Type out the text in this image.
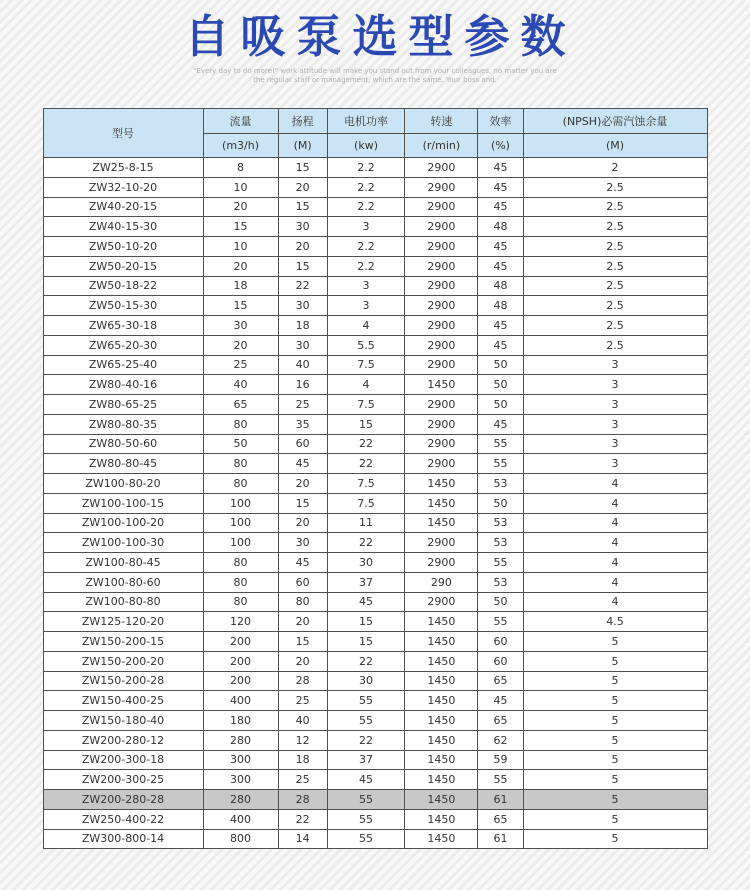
自吸泵选型参数
"Every day to do more!" work attitude will make you stand out from your colleagues, no matter you are
the regular staff or management, which are the same. Your boss and.
型号	流量	扬程	电机功率	转速	效率	(NPSH)必需汽蚀余量
	(m3/h)	(M)	(kw)	(r/min)	(%)	(M)
ZW25-8-15	8	15	2.2	2900	45	2
ZW32-10-20	10	20	2.2	2900	45	2.5
ZW40-20-15	20	15	2.2	2900	45	2.5
ZW40-15-30	15	30	3	2900	48	2.5
ZW50-10-20	10	20	2.2	2900	45	2.5
ZW50-20-15	20	15	2.2	2900	45	2.5
ZW50-18-22	18	22	3	2900	48	2.5
ZW50-15-30	15	30	3	2900	48	2.5
ZW65-30-18	30	18	4	2900	45	2.5
ZW65-20-30	20	30	5.5	2900	45	2.5
ZW65-25-40	25	40	7.5	2900	50	3
ZW80-40-16	40	16	4	1450	50	3
ZW80-65-25	65	25	7.5	2900	50	3
ZW80-80-35	80	35	15	2900	45	3
ZW80-50-60	50	60	22	2900	55	3
ZW80-80-45	80	45	22	2900	55	3
ZW100-80-20	80	20	7.5	1450	53	4
ZW100-100-15	100	15	7.5	1450	50	4
ZW100-100-20	100	20	11	1450	53	4
ZW100-100-30	100	30	22	2900	53	4
ZW100-80-45	80	45	30	2900	55	4
ZW100-80-60	80	60	37	290	53	4
ZW100-80-80	80	80	45	2900	50	4
ZW125-120-20	120	20	15	1450	55	4.5
ZW150-200-15	200	15	15	1450	60	5
ZW150-200-20	200	20	22	1450	60	5
ZW150-200-28	200	28	30	1450	65	5
ZW150-400-25	400	25	55	1450	45	5
ZW150-180-40	180	40	55	1450	65	5
ZW200-280-12	280	12	22	1450	62	5
ZW200-300-18	300	18	37	1450	59	5
ZW200-300-25	300	25	45	1450	55	5
ZW200-280-28	280	28	55	1450	61	5
ZW250-400-22	400	22	55	1450	65	5
ZW300-800-14	800	14	55	1450	61	5
